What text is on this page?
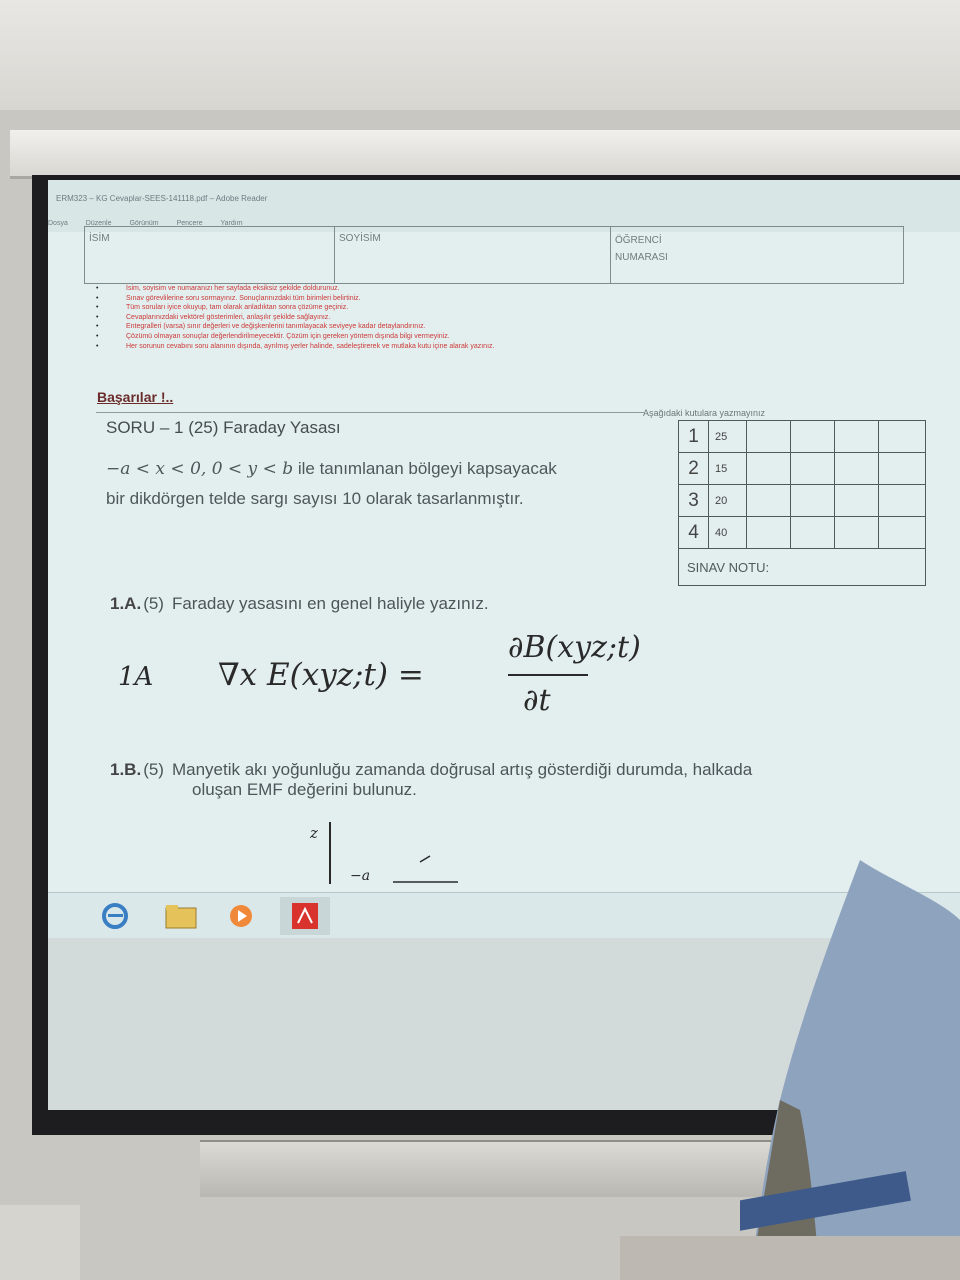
ERM323 – KG Cevaplar-SEES-141118.pdf – Adobe Reader
Dosya	Düzenle	Görünüm	Pencere	Yardım
İSİM	SOYİSİM	ÖĞRENCİ
NUMARASI
• İsim, soyisim ve numaranızı her sayfada eksiksiz şekilde doldurunuz.
• Sınav görevlilerine soru sormayınız. Sonuçlarınızdaki tüm birimleri belirtiniz.
• Tüm soruları iyice okuyup, tam olarak anladıktan sonra çözüme geçiniz.
• Cevaplarınızdaki vektörel gösterimleri, anlaşılır şekilde sağlayınız.
• Entegralleri (varsa) sınır değerleri ve değişkenlerini tanımlayacak seviyeye kadar detaylandırınız.
• Çözümü olmayan sonuçlar değerlendirilmeyecektir. Çözüm için gereken yöntem dışında bilgi vermeyiniz.
• Her sorunun cevabını soru alanının dışında, ayrılmış yerler halinde, sadeleştirerek ve mutlaka kutu içine alarak yazınız.
Başarılar !..
SORU – 1 (25) Faraday Yasası
−a < x < 0, 0 < y < b ile tanımlanan bölgeyi kapsayacak
bir dikdörgen telde sargı sayısı 10 olarak tasarlanmıştır.
Aşağıdaki kutulara yazmayınız
1	25
2	15
3	20
4	40
SINAV NOTU:
1.A. (5) Faraday yasasını en genel haliyle yazınız.
1A ∇x E(xyz;t) =
∂B(xyz;t)
∂t
z
−a
1.B. (5) Manyetik akı yoğunluğu zamanda doğrusal artış gösterdiği durumda, halkada
oluşan EMF değerini bulunuz.
